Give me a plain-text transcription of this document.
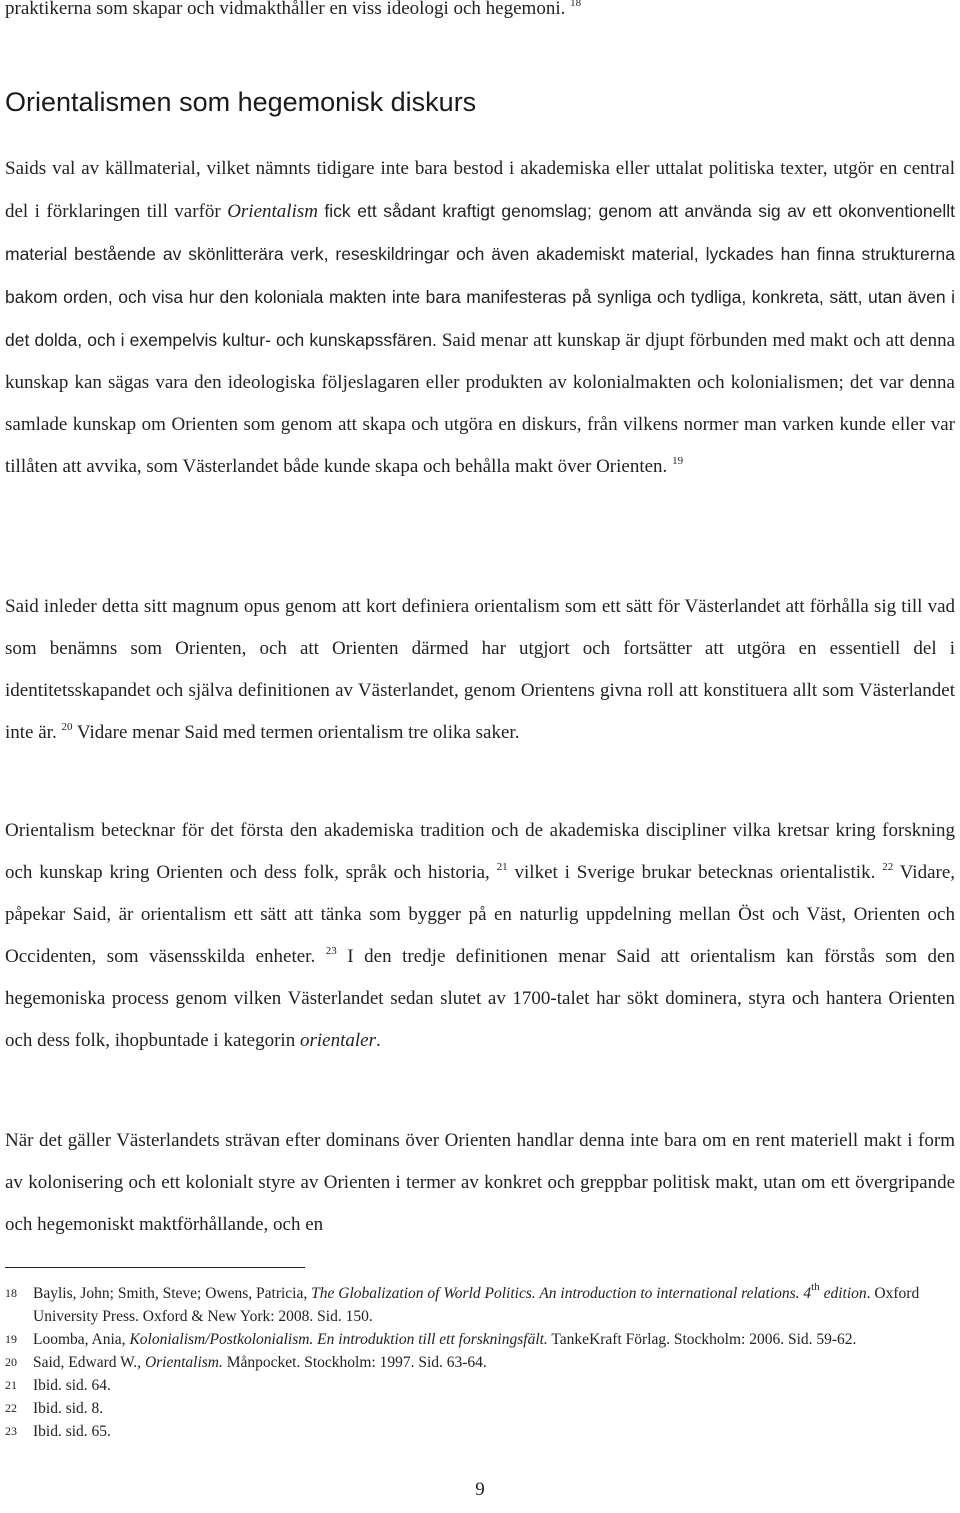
praktikerna som skapar och vidmakthåller en viss ideologi och hegemoni. $^{18}$

Orientalismen som hegemonisk diskurs

Saids val av källmaterial, vilket nämnts tidigare inte bara bestod i akademiska eller uttalat politiska texter, utgör en central del i förklaringen till varför Orientalism fick ett sådant kraftigt genomslag; genom att använda sig av ett okonventionellt material bestående av skönlitterära verk, reseskildringar och även akademiskt material, lyckades han finna strukturerna bakom orden, och visa hur den koloniala makten inte bara manifesteras på synliga och tydliga, konkreta, sätt, utan även i det dolda, och i exempelvis kultur- och kunskapssfären. Said menar att kunskap är djupt förbunden med makt och att denna kunskap kan sägas vara den ideologiska följeslagaren eller produkten av kolonialmakten och kolonialismen; det var denna samlade kunskap om Orienten som genom att skapa och utgöra en diskurs, från vilkens normer man varken kunde eller var tillåten att avvika, som Västerlandet både kunde skapa och behålla makt över Orienten. $^{19}$

Said inleder detta sitt magnum opus genom att kort definiera orientalism som ett sätt för Västerlandet att förhålla sig till vad som benämns som Orienten, och att Orienten därmed har utgjort och fortsätter att utgöra en essentiell del i identitetsskapandet och själva definitionen av Västerlandet, genom Orientens givna roll att konstituera allt som Västerlandet inte är. $^{20}$ Vidare menar Said med termen orientalism tre olika saker.

Orientalism betecknar för det första den akademiska tradition och de akademiska discipliner vilka kretsar kring forskning och kunskap kring Orienten och dess folk, språk och historia, $^{21}$ vilket i Sverige brukar betecknas orientalistik. $^{22}$ Vidare, påpekar Said, är orientalism ett sätt att tänka som bygger på en naturlig uppdelning mellan Öst och Väst, Orienten och Occidenten, som väsensskilda enheter. $^{23}$ I den tredje definitionen menar Said att orientalism kan förstås som den hegemoniska process genom vilken Västerlandet sedan slutet av 1700-talet har sökt dominera, styra och hantera Orienten och dess folk, ihopbuntade i kategorin orientaler.

När det gäller Västerlandets strävan efter dominans över Orienten handlar denna inte bara om en rent materiell makt i form av kolonisering och ett kolonialt styre av Orienten i termer av konkret och greppbar politisk makt, utan om ett övergripande och hegemoniskt maktförhållande, och en

18	Baylis, John; Smith, Steve; Owens, Patricia, The Globalization of World Politics. An introduction to international relations. 4th edition. Oxford University Press. Oxford & New York: 2008. Sid. 150.
19	Loomba, Ania, Kolonialism/Postkolonialism. En introduktion till ett forskningsfält. TankeKraft Förlag. Stockholm: 2006. Sid. 59-62.
20	Said, Edward W., Orientalism. Månpocket. Stockholm: 1997. Sid. 63-64.
21	Ibid. sid. 64.
22	Ibid. sid. 8.
23	Ibid. sid. 65.
9
